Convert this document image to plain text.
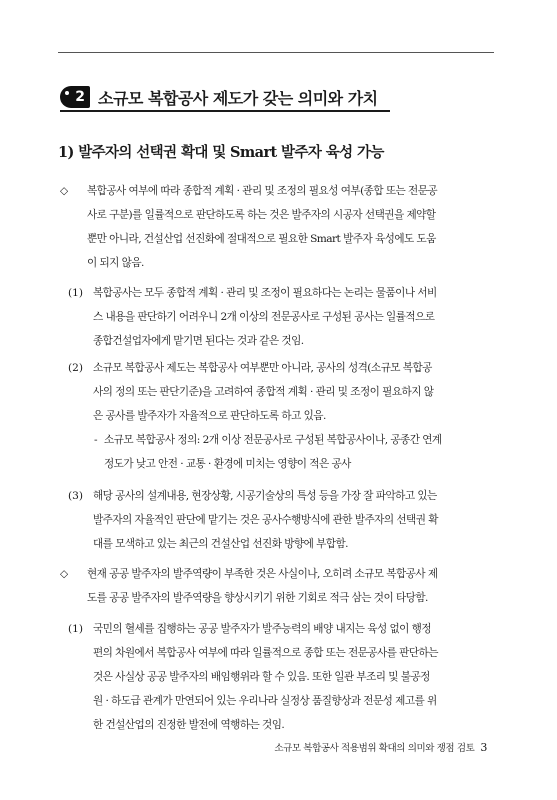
2 소규모 복합공사 제도가 갖는 의미와 가치
1) 발주자의 선택권 확대 및 Smart 발주자 육성 가능
◇ 복합공사 여부에 따라 종합적 계획 · 관리 및 조정의 필요성 여부(종합 또는 전문공
사로 구분)를 일률적으로 판단하도록 하는 것은 발주자의 시공자 선택권을 제약할
뿐만 아니라, 건설산업 선진화에 절대적으로 필요한 Smart 발주자 육성에도 도움
이 되지 않음.
(1) 복합공사는 모두 종합적 계획 · 관리 및 조정이 필요하다는 논리는 물품이나 서비
스 내용을 판단하기 어려우니 2개 이상의 전문공사로 구성된 공사는 일률적으로
종합건설업자에게 맡기면 된다는 것과 같은 것임.
(2) 소규모 복합공사 제도는 복합공사 여부뿐만 아니라, 공사의 성격(소규모 복합공
사의 정의 또는 판단기준)을 고려하여 종합적 계획 · 관리 및 조정이 필요하지 않
은 공사를 발주자가 자율적으로 판단하도록 하고 있음.
- 소규모 복합공사 정의: 2개 이상 전문공사로 구성된 복합공사이나, 공종간 연계
정도가 낮고 안전 · 교통 · 환경에 미치는 영향이 적은 공사
(3) 해당 공사의 설계내용, 현장상황, 시공기술상의 특성 등을 가장 잘 파악하고 있는
발주자의 자율적인 판단에 맡기는 것은 공사수행방식에 관한 발주자의 선택권 확
대를 모색하고 있는 최근의 건설산업 선진화 방향에 부합함.
◇ 현재 공공 발주자의 발주역량이 부족한 것은 사실이나, 오히려 소규모 복합공사 제
도를 공공 발주자의 발주역량을 향상시키기 위한 기회로 적극 삼는 것이 타당함.
(1) 국민의 혈세를 집행하는 공공 발주자가 발주능력의 배양 내지는 육성 없이 행정
편의 차원에서 복합공사 여부에 따라 일률적으로 종합 또는 전문공사를 판단하는
것은 사실상 공공 발주자의 배임행위라 할 수 있음. 또한 일관 부조리 및 불공정
원 · 하도급 관계가 만연되어 있는 우리나라 실정상 품질향상과 전문성 제고를 위
한 건설산업의 진정한 발전에 역행하는 것임.
소규모 복합공사 적용범위 확대의 의미와 쟁점 검토 3
